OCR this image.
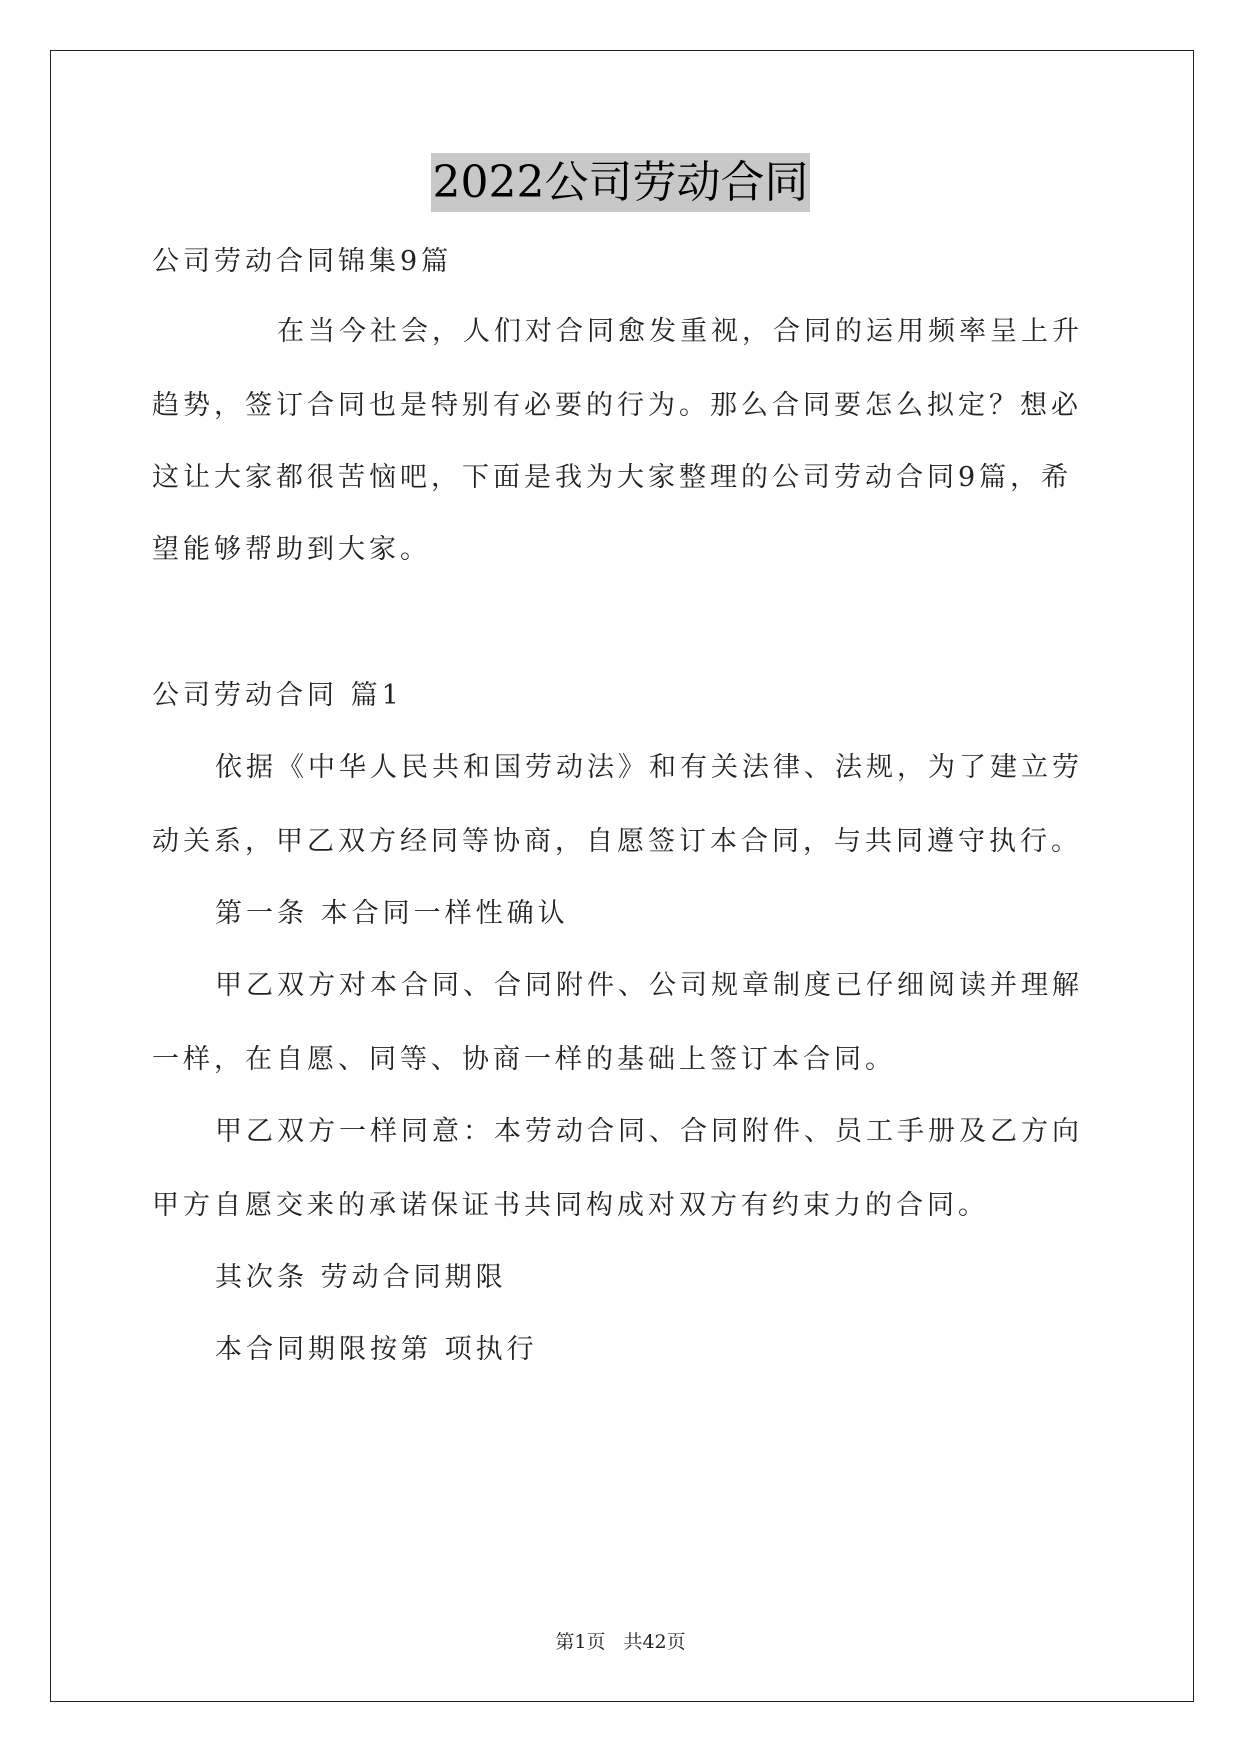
2022公司劳动合同
公司劳动合同锦集9篇
在当今社会，人们对合同愈发重视，合同的运用频率呈上升
趋势，签订合同也是特别有必要的行为。那么合同要怎么拟定？想必
这让大家都很苦恼吧，下面是我为大家整理的公司劳动合同9篇，希
望能够帮助到大家。
公司劳动合同 篇1
依据《中华人民共和国劳动法》和有关法律、法规，为了建立劳
动关系，甲乙双方经同等协商，自愿签订本合同，与共同遵守执行。
第一条 本合同一样性确认
甲乙双方对本合同、合同附件、公司规章制度已仔细阅读并理解
一样，在自愿、同等、协商一样的基础上签订本合同。
甲乙双方一样同意：本劳动合同、合同附件、员工手册及乙方向
甲方自愿交来的承诺保证书共同构成对双方有约束力的合同。
其次条 劳动合同期限
本合同期限按第 项执行
第1页 共42页
